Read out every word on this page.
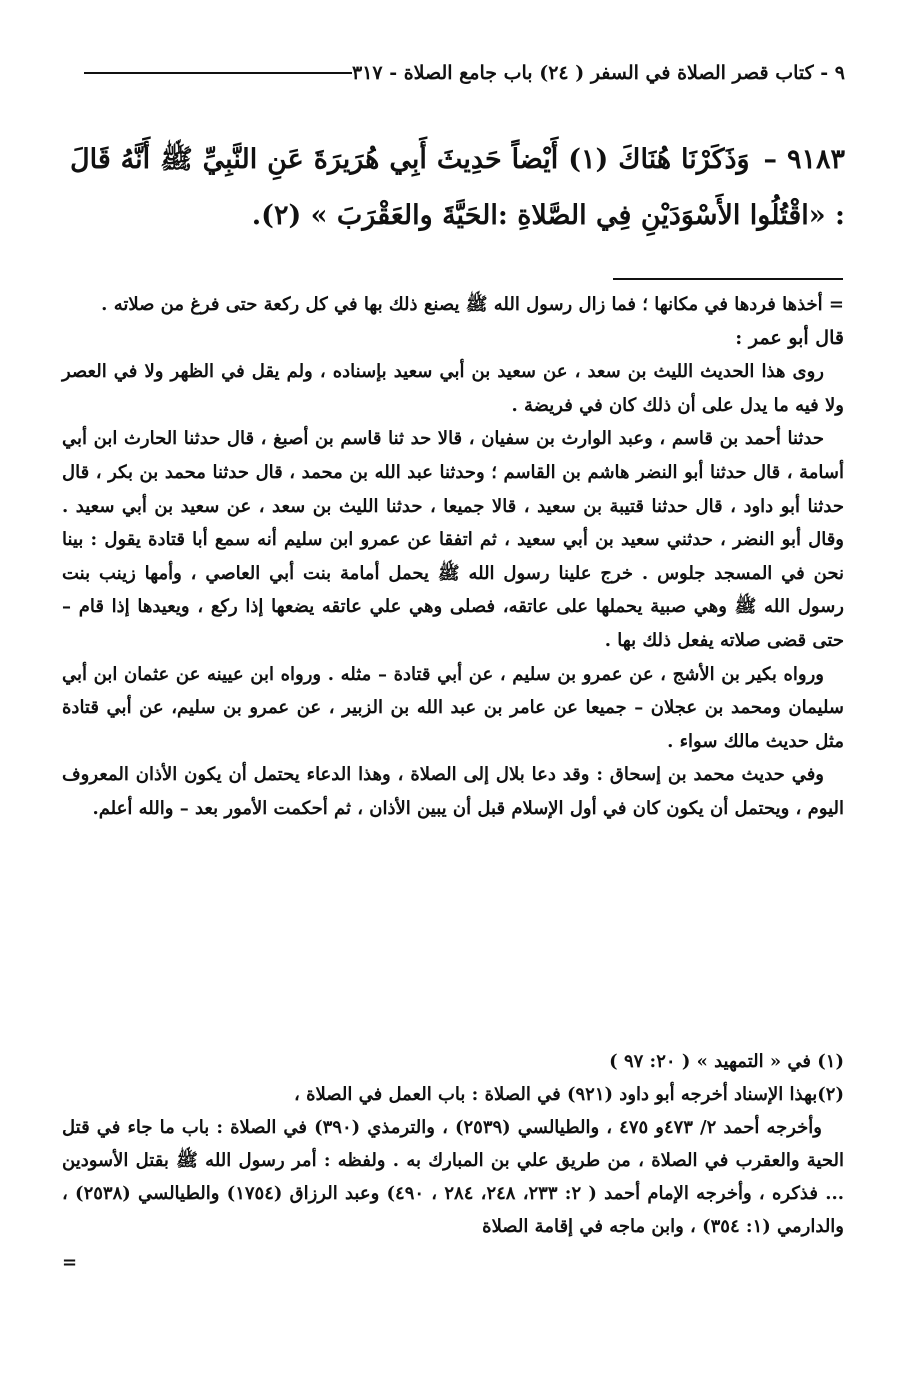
٩ - كتاب قصر الصلاة في السفر ( ٢٤) باب جامع الصلاة - ٣١٧
٩١٨٣ – وَذَكَرْنَا هُنَاكَ (١) أَيْضاً حَدِيثَ أَبِي هُرَيرَةَ عَنِ النَّبِيِّ ﷺ أَنَّهُ قَالَ : «اقْتُلُوا الأَسْوَدَيْنِ فِي الصَّلاةِ :الحَيَّةَ والعَقْرَبَ » (٢).

= أخذها فردها في مكانها ؛ فما زال رسول الله ﷺ يصنع ذلك بها في كل ركعة حتى فرغ من صلاته .

قال أبو عمر :

روى هذا الحديث الليث بن سعد ، عن سعيد بن أبي سعيد بإسناده ، ولم يقل في الظهر ولا في العصر ولا فيه ما يدل على أن ذلك كان في فريضة .

حدثنا أحمد بن قاسم ، وعبد الوارث بن سفيان ، قالا حد ثنا قاسم بن أصبغ ، قال حدثنا الحارث ابن أبي أسامة ، قال حدثنا أبو النضر هاشم بن القاسم ؛ وحدثنا عبد الله بن محمد ، قال حدثنا محمد بن بكر ، قال حدثنا أبو داود ، قال حدثنا قتيبة بن سعيد ، قالا جميعا ، حدثنا الليث بن سعد ، عن سعيد بن أبي سعيد . وقال أبو النضر ، حدثني سعيد بن أبي سعيد ، ثم اتفقا عن عمرو ابن سليم أنه سمع أبا قتادة يقول : بينا نحن في المسجد جلوس . خرج علينا رسول الله ﷺ يحمل أمامة بنت أبي العاصي ، وأمها زينب بنت رسول الله ﷺ وهي صبية يحملها على عاتقه، فصلى وهي علي عاتقه يضعها إذا ركع ، ويعيدها إذا قام – حتى قضى صلاته يفعل ذلك بها .

ورواه بكير بن الأشج ، عن عمرو بن سليم ، عن أبي قتادة – مثله . ورواه ابن عيينه عن عثمان ابن أبي سليمان ومحمد بن عجلان – جميعا عن عامر بن عبد الله بن الزبير ، عن عمرو بن سليم، عن أبي قتادة مثل حديث مالك سواء .

وفي حديث محمد بن إسحاق : وقد دعا بلال إلى الصلاة ، وهذا الدعاء يحتمل أن يكون الأذان المعروف اليوم ، ويحتمل أن يكون كان في أول الإسلام قبل أن يبين الأذان ، ثم أحكمت الأمور بعد – والله أعلم.

(١) في « التمهيد » ( ٢٠: ٩٧ )

(٢)بهذا الإسناد أخرجه أبو داود (٩٢١) في الصلاة : باب العمل في الصلاة ،

وأخرجه أحمد ٢/ ٤٧٣و ٤٧٥ ، والطيالسي (٢٥٣٩) ، والترمذي (٣٩٠) في الصلاة : باب ما جاء في قتل الحية والعقرب في الصلاة ، من طريق علي بن المبارك به . ولفظه : أمر رسول الله ﷺ بقتل الأسودين ... فذكره ، وأخرجه الإمام أحمد ( ٢: ٢٣٣، ٢٤٨، ٢٨٤ ، ٤٩٠) وعبد الرزاق (١٧٥٤) والطيالسي (٢٥٣٨) ، والدارمي (١: ٣٥٤) ، وابن ماجه في إقامة الصلاة

=
